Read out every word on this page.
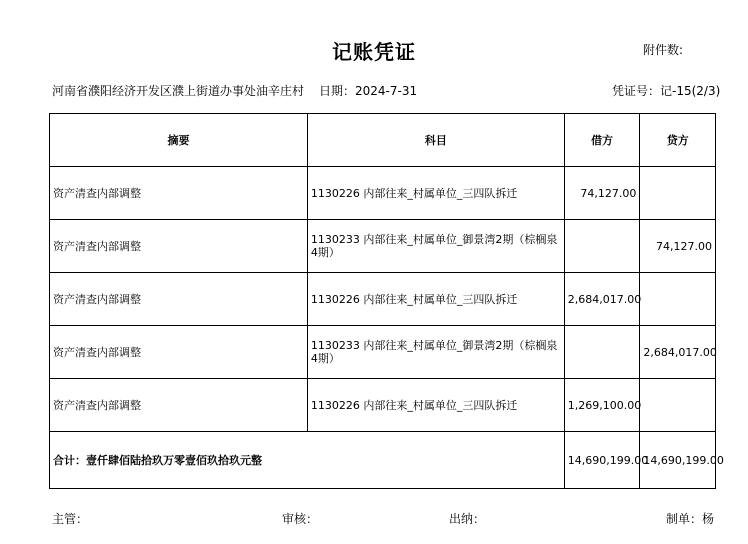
记账凭证	附件数:
河南省濮阳经济开发区濮上街道办事处油辛庄村 日期：2024-7-31	凭证号：记-15(2/3)
摘要	科目	借方	贷方
资产清查内部调整	1130226 内部往来_村属单位_三四队拆迁	74,127.00	
资产清查内部调整	1130233 内部往来_村属单位_御景湾2期（棕榈泉4期）		74,127.00
资产清查内部调整	1130226 内部往来_村属单位_三四队拆迁	2,684,017.00	
资产清查内部调整	1130233 内部往来_村属单位_御景湾2期（棕榈泉4期）		2,684,017.00
资产清查内部调整	1130226 内部往来_村属单位_三四队拆迁	1,269,100.00	
合计：壹仟肆佰陆拾玖万零壹佰玖拾玖元整		14,690,199.00	14,690,199.00
主管：	审核：	出纳：	制单：杨
